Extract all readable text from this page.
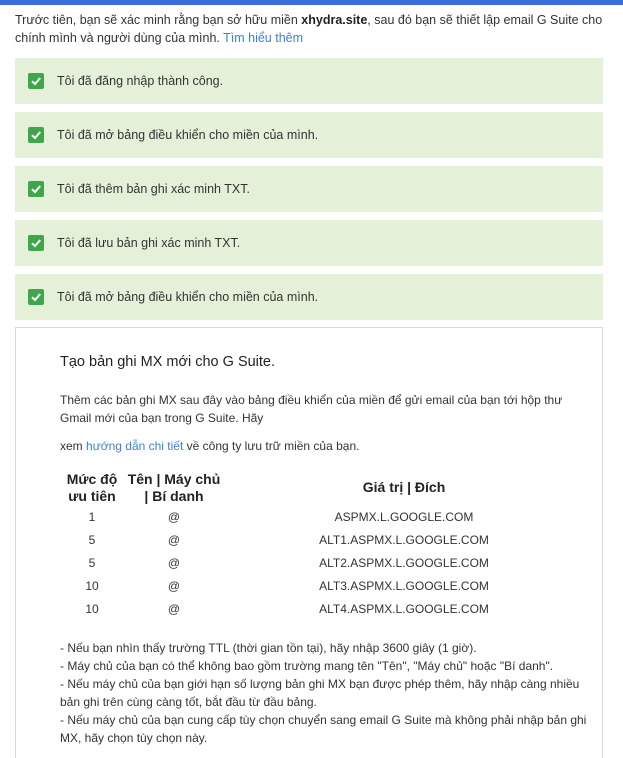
Trước tiên, bạn sẽ xác minh rằng bạn sở hữu miền xhydra.site, sau đó bạn sẽ thiết lập email G Suite cho chính mình và người dùng của mình. Tìm hiểu thêm
Tôi đã đăng nhập thành công.
Tôi đã mở bảng điều khiển cho miền của mình.
Tôi đã thêm bản ghi xác minh TXT.
Tôi đã lưu bản ghi xác minh TXT.
Tôi đã mở bảng điều khiển cho miền của mình.
Tạo bản ghi MX mới cho G Suite.
Thêm các bản ghi MX sau đây vào bảng điều khiển của miền để gửi email của bạn tới hộp thư Gmail mới của bạn trong G Suite. Hãy
xem hướng dẫn chi tiết về công ty lưu trữ miền của bạn.
Mức độ ưu tiên	Tên | Máy chủ | Bí danh	Giá trị | Đích
1	@	ASPMX.L.GOOGLE.COM
5	@	ALT1.ASPMX.L.GOOGLE.COM
5	@	ALT2.ASPMX.L.GOOGLE.COM
10	@	ALT3.ASPMX.L.GOOGLE.COM
10	@	ALT4.ASPMX.L.GOOGLE.COM
- Nếu bạn nhìn thấy trường TTL (thời gian tồn tại), hãy nhập 3600 giây (1 giờ).
- Máy chủ của bạn có thể không bao gồm trường mang tên "Tên", "Máy chủ" hoặc "Bí danh".
- Nếu máy chủ của bạn giới hạn số lượng bản ghi MX bạn được phép thêm, hãy nhập càng nhiều bản ghi trên cùng càng tốt, bắt đầu từ đầu bảng.
- Nếu máy chủ của bạn cung cấp tùy chọn chuyển sang email G Suite mà không phải nhập bản ghi MX, hãy chọn tùy chọn này.
